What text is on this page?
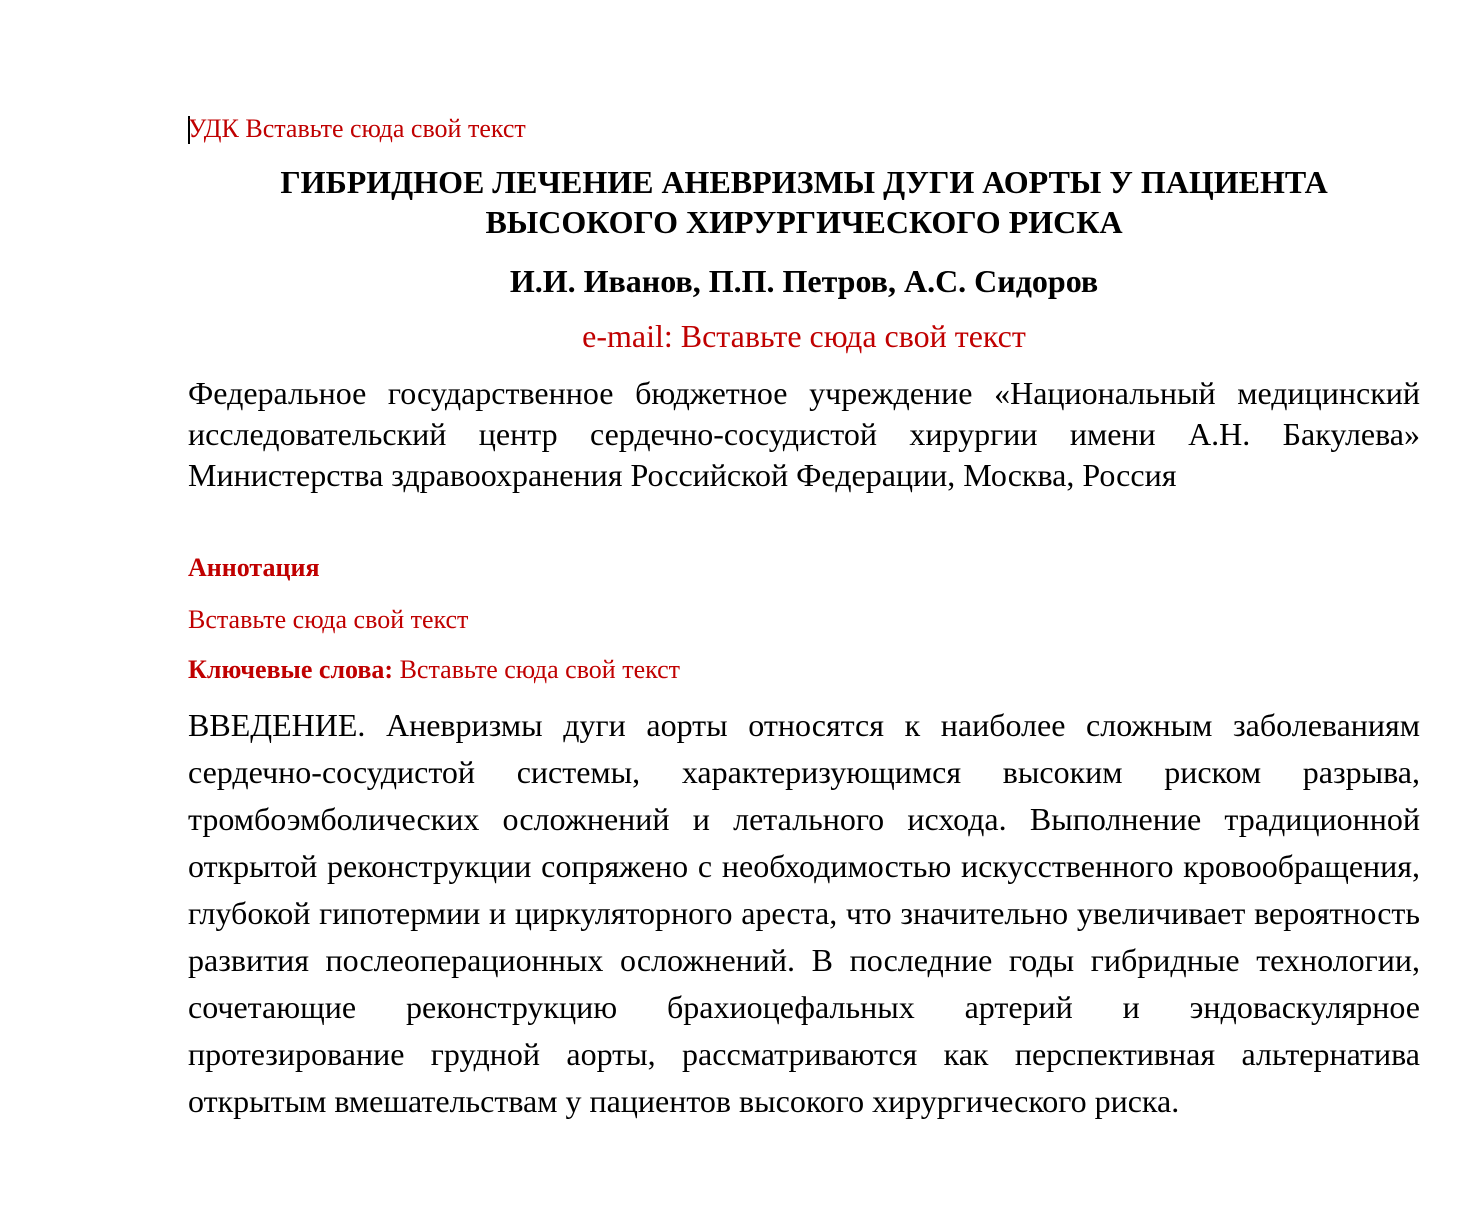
УДК Вставьте сюда свой текст
ГИБРИДНОЕ ЛЕЧЕНИЕ АНЕВРИЗМЫ ДУГИ АОРТЫ У ПАЦИЕНТА
ВЫСОКОГО ХИРУРГИЧЕСКОГО РИСКА
И.И. Иванов, П.П. Петров, А.С. Сидоров
e-mail: Вставьте сюда свой текст
Федеральное государственное бюджетное учреждение «Национальный медицинский исследовательский центр сердечно-сосудистой хирургии имени А.Н. Бакулева» Министерства здравоохранения Российской Федерации, Москва, Россия
Аннотация
Вставьте сюда свой текст
Ключевые слова: Вставьте сюда свой текст
ВВЕДЕНИЕ. Аневризмы дуги аорты относятся к наиболее сложным заболеваниям сердечно-сосудистой системы, характеризующимся высоким риском разрыва, тромбоэмболических осложнений и летального исхода. Выполнение традиционной открытой реконструкции сопряжено с необходимостью искусственного кровообращения, глубокой гипотермии и циркуляторного ареста, что значительно увеличивает вероятность развития послеоперационных осложнений. В последние годы гибридные технологии, сочетающие реконструкцию брахиоцефальных артерий и эндоваскулярное протезирование грудной аорты, рассматриваются как перспективная альтернатива открытым вмешательствам у пациентов высокого хирургического риска.
